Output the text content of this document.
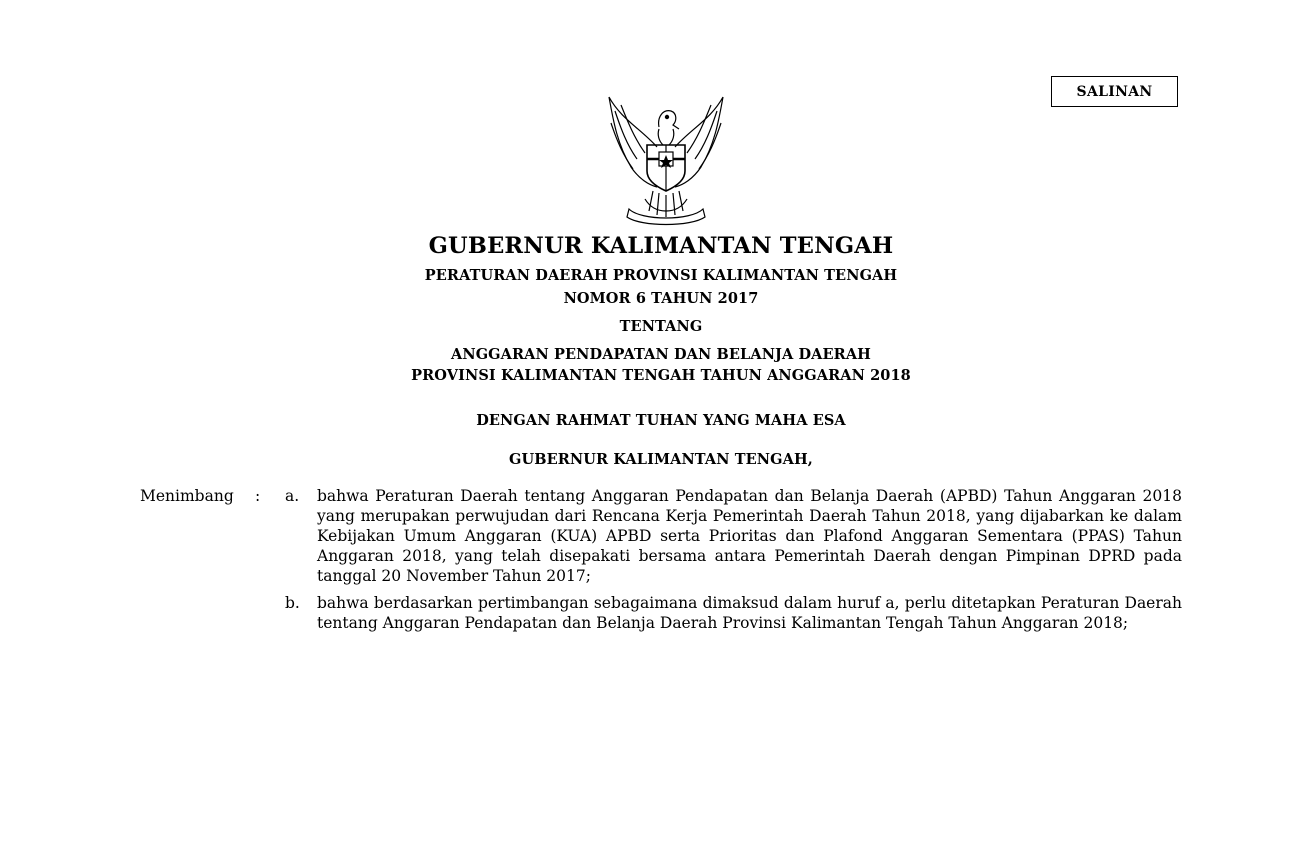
SALINAN
GUBERNUR KALIMANTAN TENGAH
PERATURAN DAERAH PROVINSI KALIMANTAN TENGAH
NOMOR 6 TAHUN 2017
TENTANG
ANGGARAN PENDAPATAN DAN BELANJA DAERAH
PROVINSI KALIMANTAN TENGAH TAHUN ANGGARAN 2018
DENGAN RAHMAT TUHAN YANG MAHA ESA
GUBERNUR KALIMANTAN TENGAH,
Menimbang	:	a.	bahwa Peraturan Daerah tentang Anggaran Pendapatan dan Belanja Daerah (APBD) Tahun Anggaran 2018 yang merupakan perwujudan dari Rencana Kerja Pemerintah Daerah Tahun 2018, yang dijabarkan ke dalam Kebijakan Umum Anggaran (KUA) APBD serta Prioritas dan Plafond Anggaran Sementara (PPAS) Tahun Anggaran 2018, yang telah disepakati bersama antara Pemerintah Daerah dengan Pimpinan DPRD pada tanggal 20 November Tahun 2017;
b.	bahwa berdasarkan pertimbangan sebagaimana dimaksud dalam huruf a, perlu ditetapkan Peraturan Daerah tentang Anggaran Pendapatan dan Belanja Daerah Provinsi Kalimantan Tengah Tahun Anggaran 2018;
